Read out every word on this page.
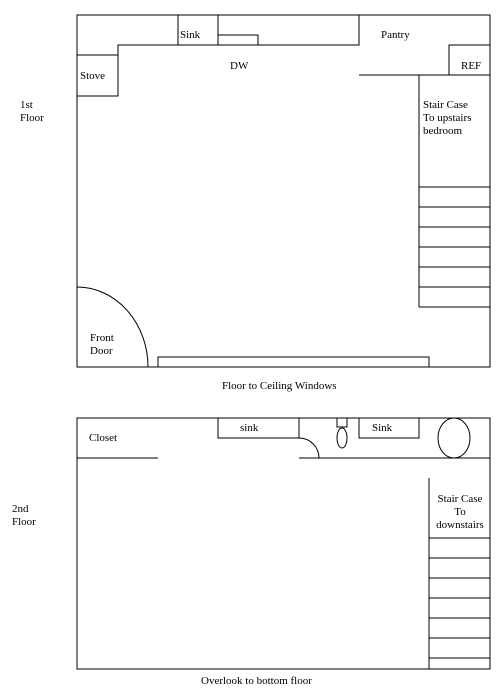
Sink	Pantry
Stove
DW	REF
Stair Case
To upstairs
bedroom
Front
Door
Floor to Ceiling Windows
1st
Floor
Closet
sink	Sink
Stair Case
To
downstairs
Overlook to bottom floor
2nd
Floor
